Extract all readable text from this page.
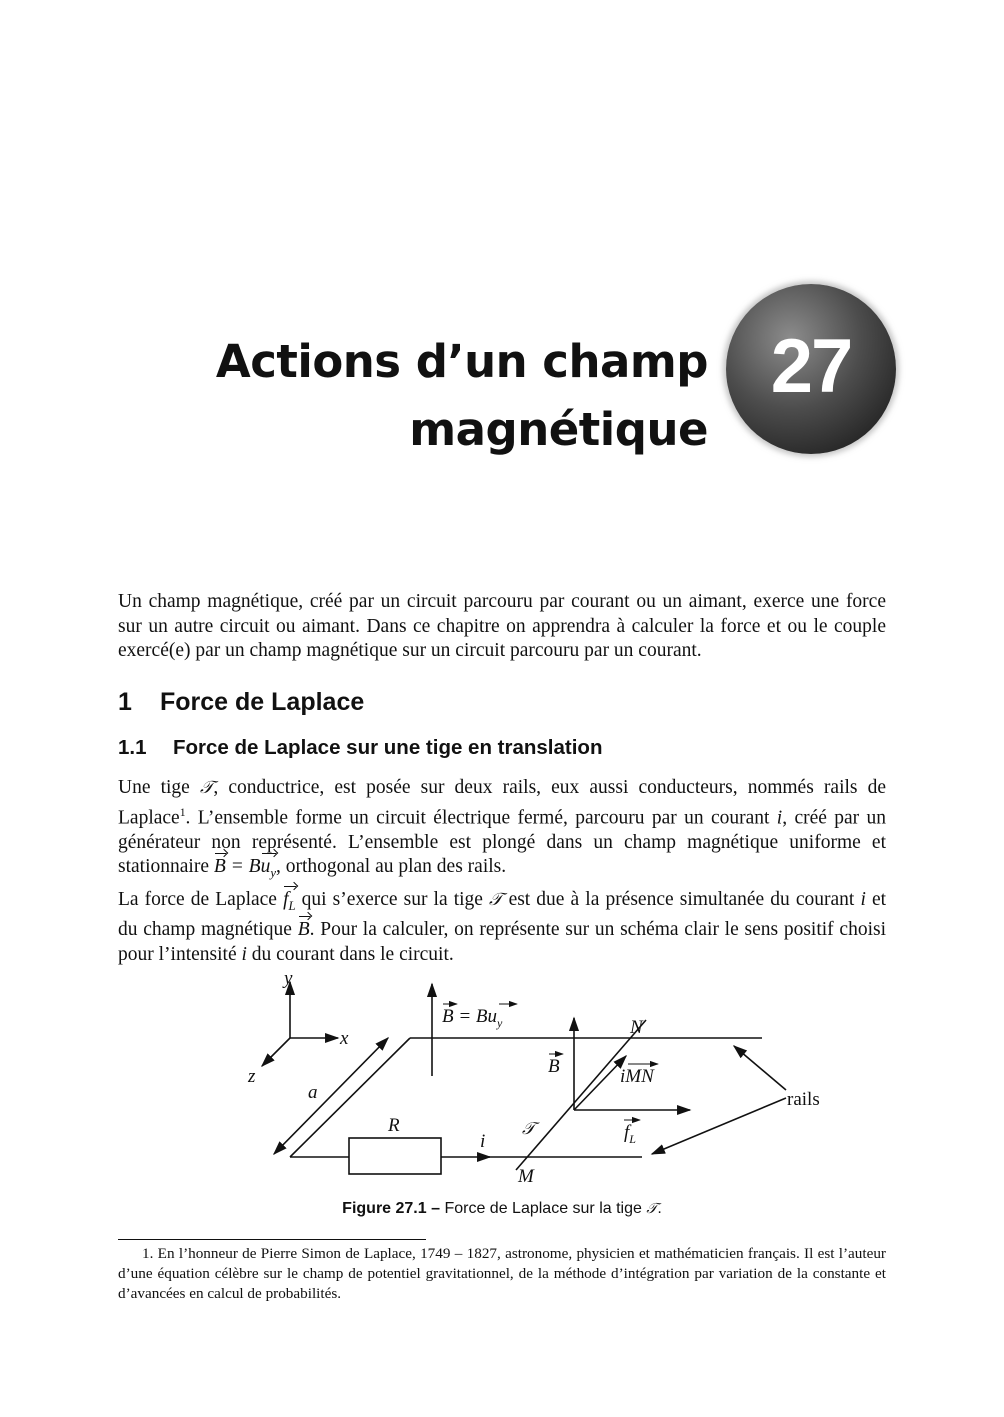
Actions d’un champ
magnétique
27

Un champ magnétique, créé par un circuit parcouru par courant ou un aimant, exerce une force sur un autre circuit ou aimant. Dans ce chapitre on apprendra à calculer la force et ou le couple exercé(e) par un champ magnétique sur un circuit parcouru par un courant.

1 Force de Laplace
1.1 Force de Laplace sur une tige en translation

Une tige 𝒯, conductrice, est posée sur deux rails, eux aussi conducteurs, nommés rails de Laplace$^1$. L’ensemble forme un circuit électrique fermé, parcouru par un courant i, créé par un générateur non représenté. L’ensemble est plongé dans un champ magnétique uniforme et stationnaire $B = Bu_y$, orthogonal au plan des rails.

La force de Laplace $f_L$ qui s’exerce sur la tige 𝒯 est due à la présence simultanée du courant i et du champ magnétique B. Pour la calculer, on représente sur un schéma clair le sens positif choisi pour l’intensité i du courant dans le circuit.

y
x
z
a
R
i
𝒯
M
N
$B = Bu_y$
B	iMN
$f_L$
rails
Figure 27.1 – Force de Laplace sur la tige 𝒯.

1. En l’honneur de Pierre Simon de Laplace, 1749 – 1827, astronome, physicien et mathématicien français. Il est l’auteur d’une équation célèbre sur le champ de potentiel gravitationnel, de la méthode d’intégration par variation de la constante et d’avancées en calcul de probabilités.
